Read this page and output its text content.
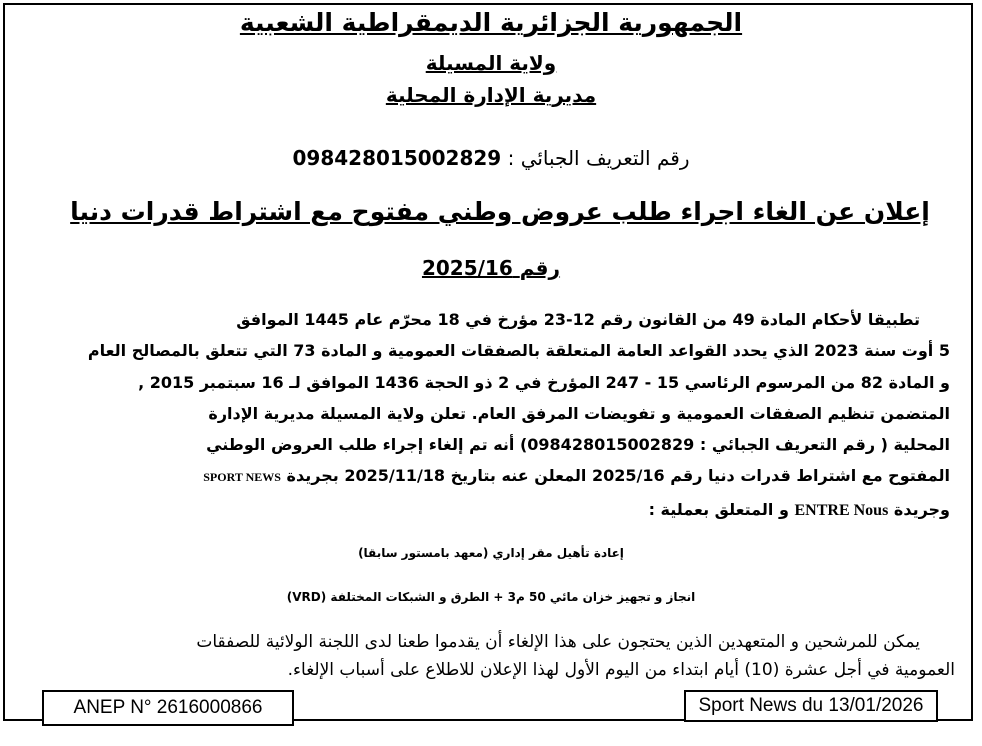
الجمهورية الجزائرية الديمقراطية الشعبية
ولاية المسيلة
مديرية الإدارة المحلية
رقم التعريف الجبائي : 098428015002829
إعلان عن الغاء اجراء طلب عروض وطني مفتوح مع اشتراط قدرات دنيا
رقم 2025/16

تطبيقا لأحكام المادة 49 من القانون رقم 12-23 مؤرخ في 18 محرّم عام 1445 الموافق

5 أوت سنة 2023 الذي يحدد القواعد العامة المتعلقة بالصفقات العمومية و المادة 73 التي تتعلق بالمصالح العام

و المادة 82 من المرسوم الرئاسي 15 - 247 المؤرخ في 2 ذو الحجة 1436 الموافق لـ 16 سبتمبر 2015 ,

المتضمن تنظيم الصفقات العمومية و تفويضات المرفق العام. تعلن ولاية المسيلة مديرية الإدارة

المحلية ( رقم التعريف الجبائي : 098428015002829) أنه تم إلغاء إجراء طلب العروض الوطني

المفتوح مع اشتراط قدرات دنيا رقم 2025/16 المعلن عنه بتاريخ 2025/11/18 بجريدة SPORT NEWS

وجريدة ENTRE Nous و المتعلق بعملية :

إعادة تأهيل مقر إداري (معهد بامستور سابقا)
انجاز و تجهيز خزان مائي 50 م3 + الطرق و الشبكات المختلفة (VRD)

يمكن للمرشحين و المتعهدين الذين يحتجون على هذا الإلغاء أن يقدموا طعنا لدى اللجنة الولائية للصفقات

العمومية في أجل عشرة (10) أيام ابتداء من اليوم الأول لهذا الإعلان للاطلاع على أسباب الإلغاء.

ANEP N° 2616000866	Sport News du 13/01/2026
